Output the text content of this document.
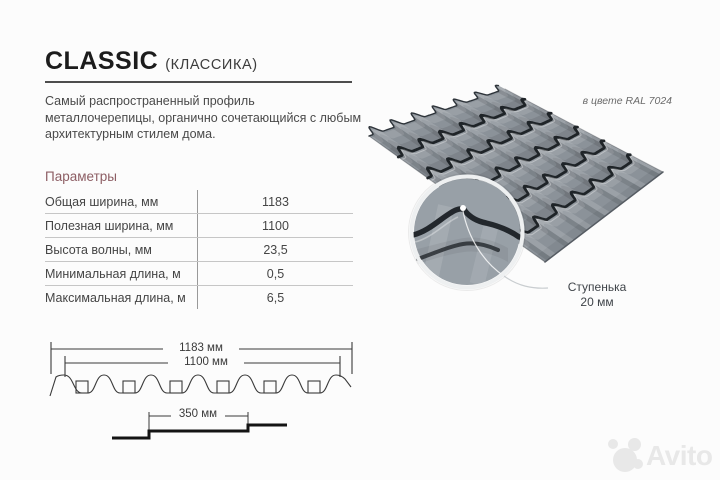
CLASSIC (КЛАССИКА)
Самый распространенный профиль металлочерепицы, органично сочетающийся с любым архитектурным стилем дома.
Параметры
Общая ширина, мм	1183
Полезная ширина, мм	1100
Высота волны, мм	23,5
Минимальная длина, м	0,5
Максимальная длина, м	6,5
в цвете RAL 7024
Ступенька
20 мм
1183 мм
1100 мм
350 мм
Avito
